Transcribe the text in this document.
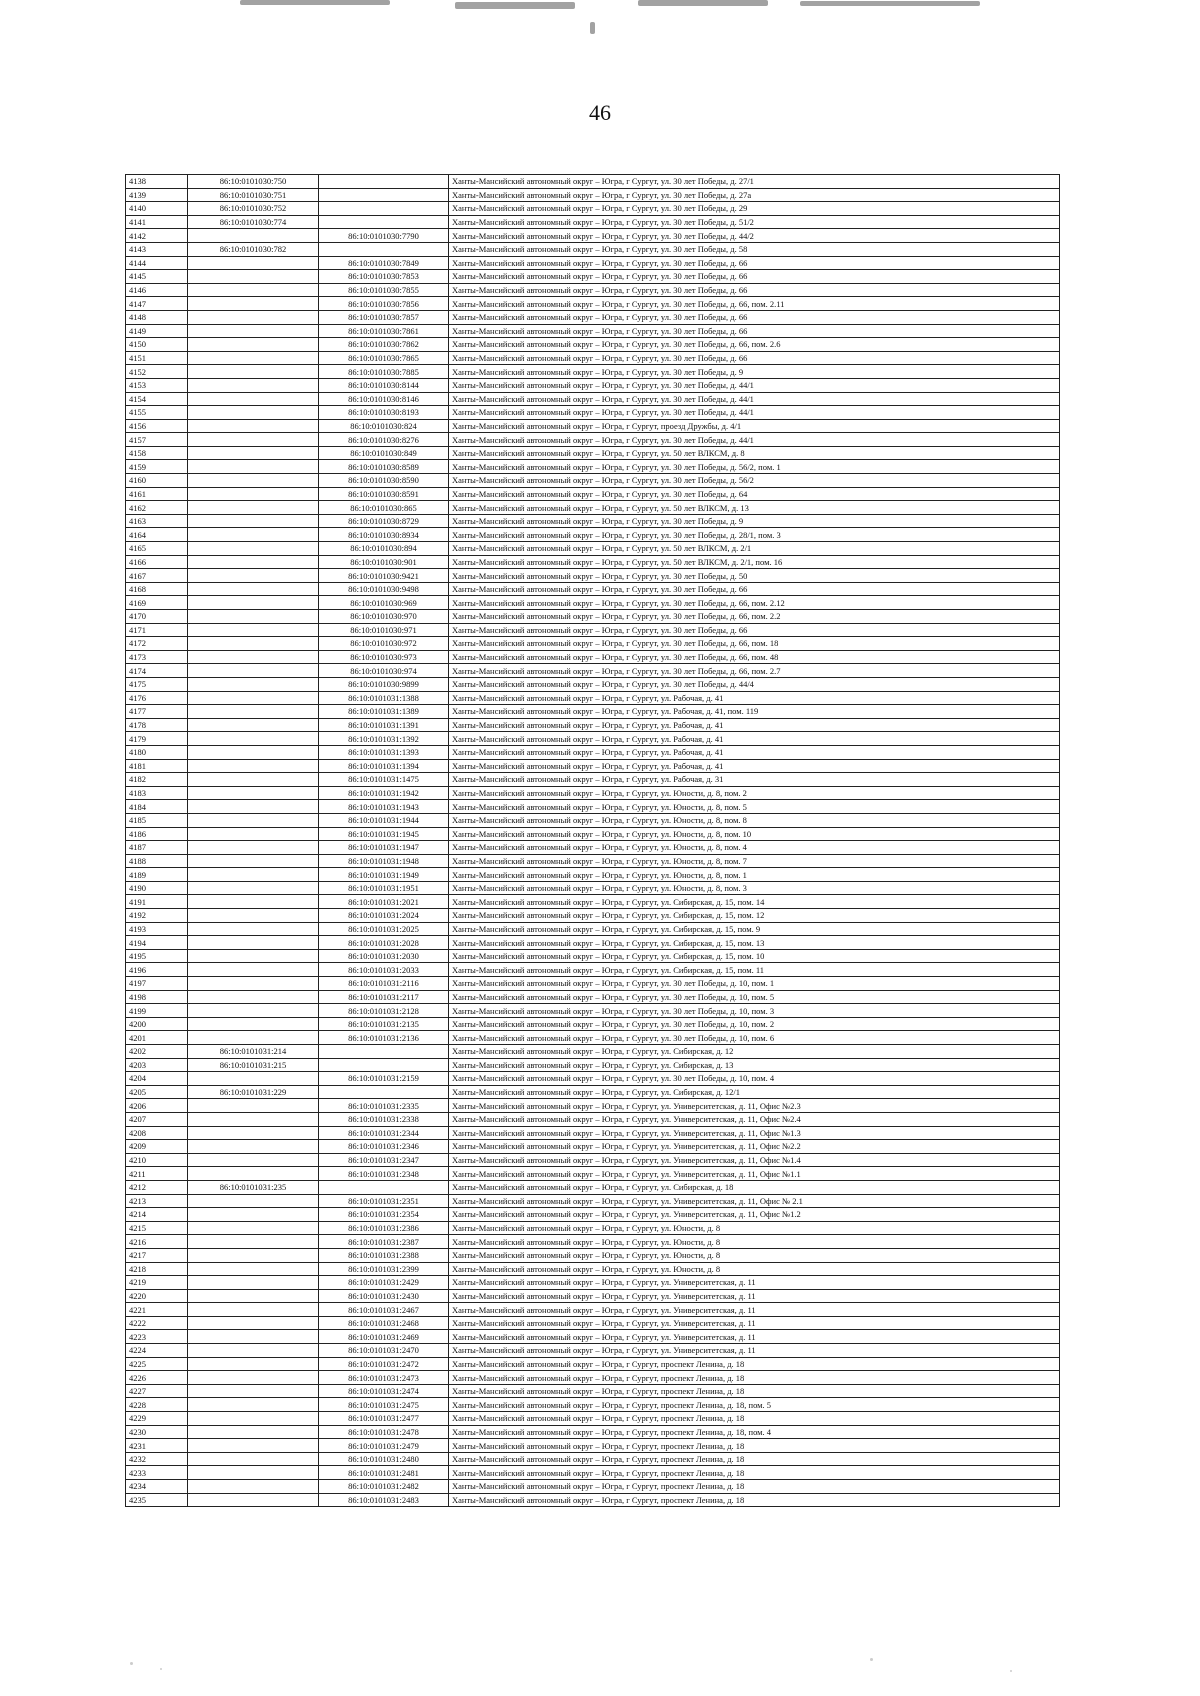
46
4138	86:10:0101030:750		Ханты-Мансийский автономный округ – Югра, г Сургут, ул. 30 лет Победы, д. 27/1
4139	86:10:0101030:751		Ханты-Мансийский автономный округ – Югра, г Сургут, ул. 30 лет Победы, д. 27а
4140	86:10:0101030:752		Ханты-Мансийский автономный округ – Югра, г Сургут, ул. 30 лет Победы, д. 29
4141	86:10:0101030:774		Ханты-Мансийский автономный округ – Югра, г Сургут, ул. 30 лет Победы, д. 51/2
4142		86:10:0101030:7790	Ханты-Мансийский автономный округ – Югра, г Сургут, ул. 30 лет Победы, д. 44/2
4143	86:10:0101030:782		Ханты-Мансийский автономный округ – Югра, г Сургут, ул. 30 лет Победы, д. 58
4144		86:10:0101030:7849	Ханты-Мансийский автономный округ – Югра, г Сургут, ул. 30 лет Победы, д. 66
4145		86:10:0101030:7853	Ханты-Мансийский автономный округ – Югра, г Сургут, ул. 30 лет Победы, д. 66
4146		86:10:0101030:7855	Ханты-Мансийский автономный округ – Югра, г Сургут, ул. 30 лет Победы, д. 66
4147		86:10:0101030:7856	Ханты-Мансийский автономный округ – Югра, г Сургут, ул. 30 лет Победы, д. 66, пом. 2.11
4148		86:10:0101030:7857	Ханты-Мансийский автономный округ – Югра, г Сургут, ул. 30 лет Победы, д. 66
4149		86:10:0101030:7861	Ханты-Мансийский автономный округ – Югра, г Сургут, ул. 30 лет Победы, д. 66
4150		86:10:0101030:7862	Ханты-Мансийский автономный округ – Югра, г Сургут, ул. 30 лет Победы, д. 66, пом. 2.6
4151		86:10:0101030:7865	Ханты-Мансийский автономный округ – Югра, г Сургут, ул. 30 лет Победы, д. 66
4152		86:10:0101030:7885	Ханты-Мансийский автономный округ – Югра, г Сургут, ул. 30 лет Победы, д. 9
4153		86:10:0101030:8144	Ханты-Мансийский автономный округ – Югра, г Сургут, ул. 30 лет Победы, д. 44/1
4154		86:10:0101030:8146	Ханты-Мансийский автономный округ – Югра, г Сургут, ул. 30 лет Победы, д. 44/1
4155		86:10:0101030:8193	Ханты-Мансийский автономный округ – Югра, г Сургут, ул. 30 лет Победы, д. 44/1
4156		86:10:0101030:824	Ханты-Мансийский автономный округ – Югра, г Сургут, проезд Дружбы, д. 4/1
4157		86:10:0101030:8276	Ханты-Мансийский автономный округ – Югра, г Сургут, ул. 30 лет Победы, д. 44/1
4158		86:10:0101030:849	Ханты-Мансийский автономный округ – Югра, г Сургут, ул. 50 лет ВЛКСМ, д. 8
4159		86:10:0101030:8589	Ханты-Мансийский автономный округ – Югра, г Сургут, ул. 30 лет Победы, д. 56/2, пом. 1
4160		86:10:0101030:8590	Ханты-Мансийский автономный округ – Югра, г Сургут, ул. 30 лет Победы, д. 56/2
4161		86:10:0101030:8591	Ханты-Мансийский автономный округ – Югра, г Сургут, ул. 30 лет Победы, д. 64
4162		86:10:0101030:865	Ханты-Мансийский автономный округ – Югра, г Сургут, ул. 50 лет ВЛКСМ, д. 13
4163		86:10:0101030:8729	Ханты-Мансийский автономный округ – Югра, г Сургут, ул. 30 лет Победы, д. 9
4164		86:10:0101030:8934	Ханты-Мансийский автономный округ – Югра, г Сургут, ул. 30 лет Победы, д. 28/1, пом. 3
4165		86:10:0101030:894	Ханты-Мансийский автономный округ – Югра, г Сургут, ул. 50 лет ВЛКСМ, д. 2/1
4166		86:10:0101030:901	Ханты-Мансийский автономный округ – Югра, г Сургут, ул. 50 лет ВЛКСМ, д. 2/1, пом. 16
4167		86:10:0101030:9421	Ханты-Мансийский автономный округ – Югра, г Сургут, ул. 30 лет Победы, д. 50
4168		86:10:0101030:9498	Ханты-Мансийский автономный округ – Югра, г Сургут, ул. 30 лет Победы, д. 66
4169		86:10:0101030:969	Ханты-Мансийский автономный округ – Югра, г Сургут, ул. 30 лет Победы, д. 66, пом. 2.12
4170		86:10:0101030:970	Ханты-Мансийский автономный округ – Югра, г Сургут, ул. 30 лет Победы, д. 66, пом. 2.2
4171		86:10:0101030:971	Ханты-Мансийский автономный округ – Югра, г Сургут, ул. 30 лет Победы, д. 66
4172		86:10:0101030:972	Ханты-Мансийский автономный округ – Югра, г Сургут, ул. 30 лет Победы, д. 66, пом. 18
4173		86:10:0101030:973	Ханты-Мансийский автономный округ – Югра, г Сургут, ул. 30 лет Победы, д. 66, пом. 48
4174		86:10:0101030:974	Ханты-Мансийский автономный округ – Югра, г Сургут, ул. 30 лет Победы, д. 66, пом. 2.7
4175		86:10:0101030:9899	Ханты-Мансийский автономный округ – Югра, г Сургут, ул. 30 лет Победы, д. 44/4
4176		86:10:0101031:1388	Ханты-Мансийский автономный округ – Югра, г Сургут, ул. Рабочая, д. 41
4177		86:10:0101031:1389	Ханты-Мансийский автономный округ – Югра, г Сургут, ул. Рабочая, д. 41, пом. 119
4178		86:10:0101031:1391	Ханты-Мансийский автономный округ – Югра, г Сургут, ул. Рабочая, д. 41
4179		86:10:0101031:1392	Ханты-Мансийский автономный округ – Югра, г Сургут, ул. Рабочая, д. 41
4180		86:10:0101031:1393	Ханты-Мансийский автономный округ – Югра, г Сургут, ул. Рабочая, д. 41
4181		86:10:0101031:1394	Ханты-Мансийский автономный округ – Югра, г Сургут, ул. Рабочая, д. 41
4182		86:10:0101031:1475	Ханты-Мансийский автономный округ – Югра, г Сургут, ул. Рабочая, д. 31
4183		86:10:0101031:1942	Ханты-Мансийский автономный округ – Югра, г Сургут, ул. Юности, д. 8, пом. 2
4184		86:10:0101031:1943	Ханты-Мансийский автономный округ – Югра, г Сургут, ул. Юности, д. 8, пом. 5
4185		86:10:0101031:1944	Ханты-Мансийский автономный округ – Югра, г Сургут, ул. Юности, д. 8, пом. 8
4186		86:10:0101031:1945	Ханты-Мансийский автономный округ – Югра, г Сургут, ул. Юности, д. 8, пом. 10
4187		86:10:0101031:1947	Ханты-Мансийский автономный округ – Югра, г Сургут, ул. Юности, д. 8, пом. 4
4188		86:10:0101031:1948	Ханты-Мансийский автономный округ – Югра, г Сургут, ул. Юности, д. 8, пом. 7
4189		86:10:0101031:1949	Ханты-Мансийский автономный округ – Югра, г Сургут, ул. Юности, д. 8, пом. 1
4190		86:10:0101031:1951	Ханты-Мансийский автономный округ – Югра, г Сургут, ул. Юности, д. 8, пом. 3
4191		86:10:0101031:2021	Ханты-Мансийский автономный округ – Югра, г Сургут, ул. Сибирская, д. 15, пом. 14
4192		86:10:0101031:2024	Ханты-Мансийский автономный округ – Югра, г Сургут, ул. Сибирская, д. 15, пом. 12
4193		86:10:0101031:2025	Ханты-Мансийский автономный округ – Югра, г Сургут, ул. Сибирская, д. 15, пом. 9
4194		86:10:0101031:2028	Ханты-Мансийский автономный округ – Югра, г Сургут, ул. Сибирская, д. 15, пом. 13
4195		86:10:0101031:2030	Ханты-Мансийский автономный округ – Югра, г Сургут, ул. Сибирская, д. 15, пом. 10
4196		86:10:0101031:2033	Ханты-Мансийский автономный округ – Югра, г Сургут, ул. Сибирская, д. 15, пом. 11
4197		86:10:0101031:2116	Ханты-Мансийский автономный округ – Югра, г Сургут, ул. 30 лет Победы, д. 10, пом. 1
4198		86:10:0101031:2117	Ханты-Мансийский автономный округ – Югра, г Сургут, ул. 30 лет Победы, д. 10, пом. 5
4199		86:10:0101031:2128	Ханты-Мансийский автономный округ – Югра, г Сургут, ул. 30 лет Победы, д. 10, пом. 3
4200		86:10:0101031:2135	Ханты-Мансийский автономный округ – Югра, г Сургут, ул. 30 лет Победы, д. 10, пом. 2
4201		86:10:0101031:2136	Ханты-Мансийский автономный округ – Югра, г Сургут, ул. 30 лет Победы, д. 10, пом. 6
4202	86:10:0101031:214		Ханты-Мансийский автономный округ – Югра, г Сургут, ул. Сибирская, д. 12
4203	86:10:0101031:215		Ханты-Мансийский автономный округ – Югра, г Сургут, ул. Сибирская, д. 13
4204		86:10:0101031:2159	Ханты-Мансийский автономный округ – Югра, г Сургут, ул. 30 лет Победы, д. 10, пом. 4
4205	86:10:0101031:229		Ханты-Мансийский автономный округ – Югра, г Сургут, ул. Сибирская, д. 12/1
4206		86:10:0101031:2335	Ханты-Мансийский автономный округ – Югра, г Сургут, ул. Университетская, д. 11, Офис №2.3
4207		86:10:0101031:2338	Ханты-Мансийский автономный округ – Югра, г Сургут, ул. Университетская, д. 11, Офис №2.4
4208		86:10:0101031:2344	Ханты-Мансийский автономный округ – Югра, г Сургут, ул. Университетская, д. 11, Офис №1.3
4209		86:10:0101031:2346	Ханты-Мансийский автономный округ – Югра, г Сургут, ул. Университетская, д. 11, Офис №2.2
4210		86:10:0101031:2347	Ханты-Мансийский автономный округ – Югра, г Сургут, ул. Университетская, д. 11, Офис №1.4
4211		86:10:0101031:2348	Ханты-Мансийский автономный округ – Югра, г Сургут, ул. Университетская, д. 11, Офис №1.1
4212	86:10:0101031:235		Ханты-Мансийский автономный округ – Югра, г Сургут, ул. Сибирская, д. 18
4213		86:10:0101031:2351	Ханты-Мансийский автономный округ – Югра, г Сургут, ул. Университетская, д. 11, Офис № 2.1
4214		86:10:0101031:2354	Ханты-Мансийский автономный округ – Югра, г Сургут, ул. Университетская, д. 11, Офис №1.2
4215		86:10:0101031:2386	Ханты-Мансийский автономный округ – Югра, г Сургут, ул. Юности, д. 8
4216		86:10:0101031:2387	Ханты-Мансийский автономный округ – Югра, г Сургут, ул. Юности, д. 8
4217		86:10:0101031:2388	Ханты-Мансийский автономный округ – Югра, г Сургут, ул. Юности, д. 8
4218		86:10:0101031:2399	Ханты-Мансийский автономный округ – Югра, г Сургут, ул. Юности, д. 8
4219		86:10:0101031:2429	Ханты-Мансийский автономный округ – Югра, г Сургут, ул. Университетская, д. 11
4220		86:10:0101031:2430	Ханты-Мансийский автономный округ – Югра, г Сургут, ул. Университетская, д. 11
4221		86:10:0101031:2467	Ханты-Мансийский автономный округ – Югра, г Сургут, ул. Университетская, д. 11
4222		86:10:0101031:2468	Ханты-Мансийский автономный округ – Югра, г Сургут, ул. Университетская, д. 11
4223		86:10:0101031:2469	Ханты-Мансийский автономный округ – Югра, г Сургут, ул. Университетская, д. 11
4224		86:10:0101031:2470	Ханты-Мансийский автономный округ – Югра, г Сургут, ул. Университетская, д. 11
4225		86:10:0101031:2472	Ханты-Мансийский автономный округ – Югра, г Сургут, проспект Ленина, д. 18
4226		86:10:0101031:2473	Ханты-Мансийский автономный округ – Югра, г Сургут, проспект Ленина, д. 18
4227		86:10:0101031:2474	Ханты-Мансийский автономный округ – Югра, г Сургут, проспект Ленина, д. 18
4228		86:10:0101031:2475	Ханты-Мансийский автономный округ – Югра, г Сургут, проспект Ленина, д. 18, пом. 5
4229		86:10:0101031:2477	Ханты-Мансийский автономный округ – Югра, г Сургут, проспект Ленина, д. 18
4230		86:10:0101031:2478	Ханты-Мансийский автономный округ – Югра, г Сургут, проспект Ленина, д. 18, пом. 4
4231		86:10:0101031:2479	Ханты-Мансийский автономный округ – Югра, г Сургут, проспект Ленина, д. 18
4232		86:10:0101031:2480	Ханты-Мансийский автономный округ – Югра, г Сургут, проспект Ленина, д. 18
4233		86:10:0101031:2481	Ханты-Мансийский автономный округ – Югра, г Сургут, проспект Ленина, д. 18
4234		86:10:0101031:2482	Ханты-Мансийский автономный округ – Югра, г Сургут, проспект Ленина, д. 18
4235		86:10:0101031:2483	Ханты-Мансийский автономный округ – Югра, г Сургут, проспект Ленина, д. 18
